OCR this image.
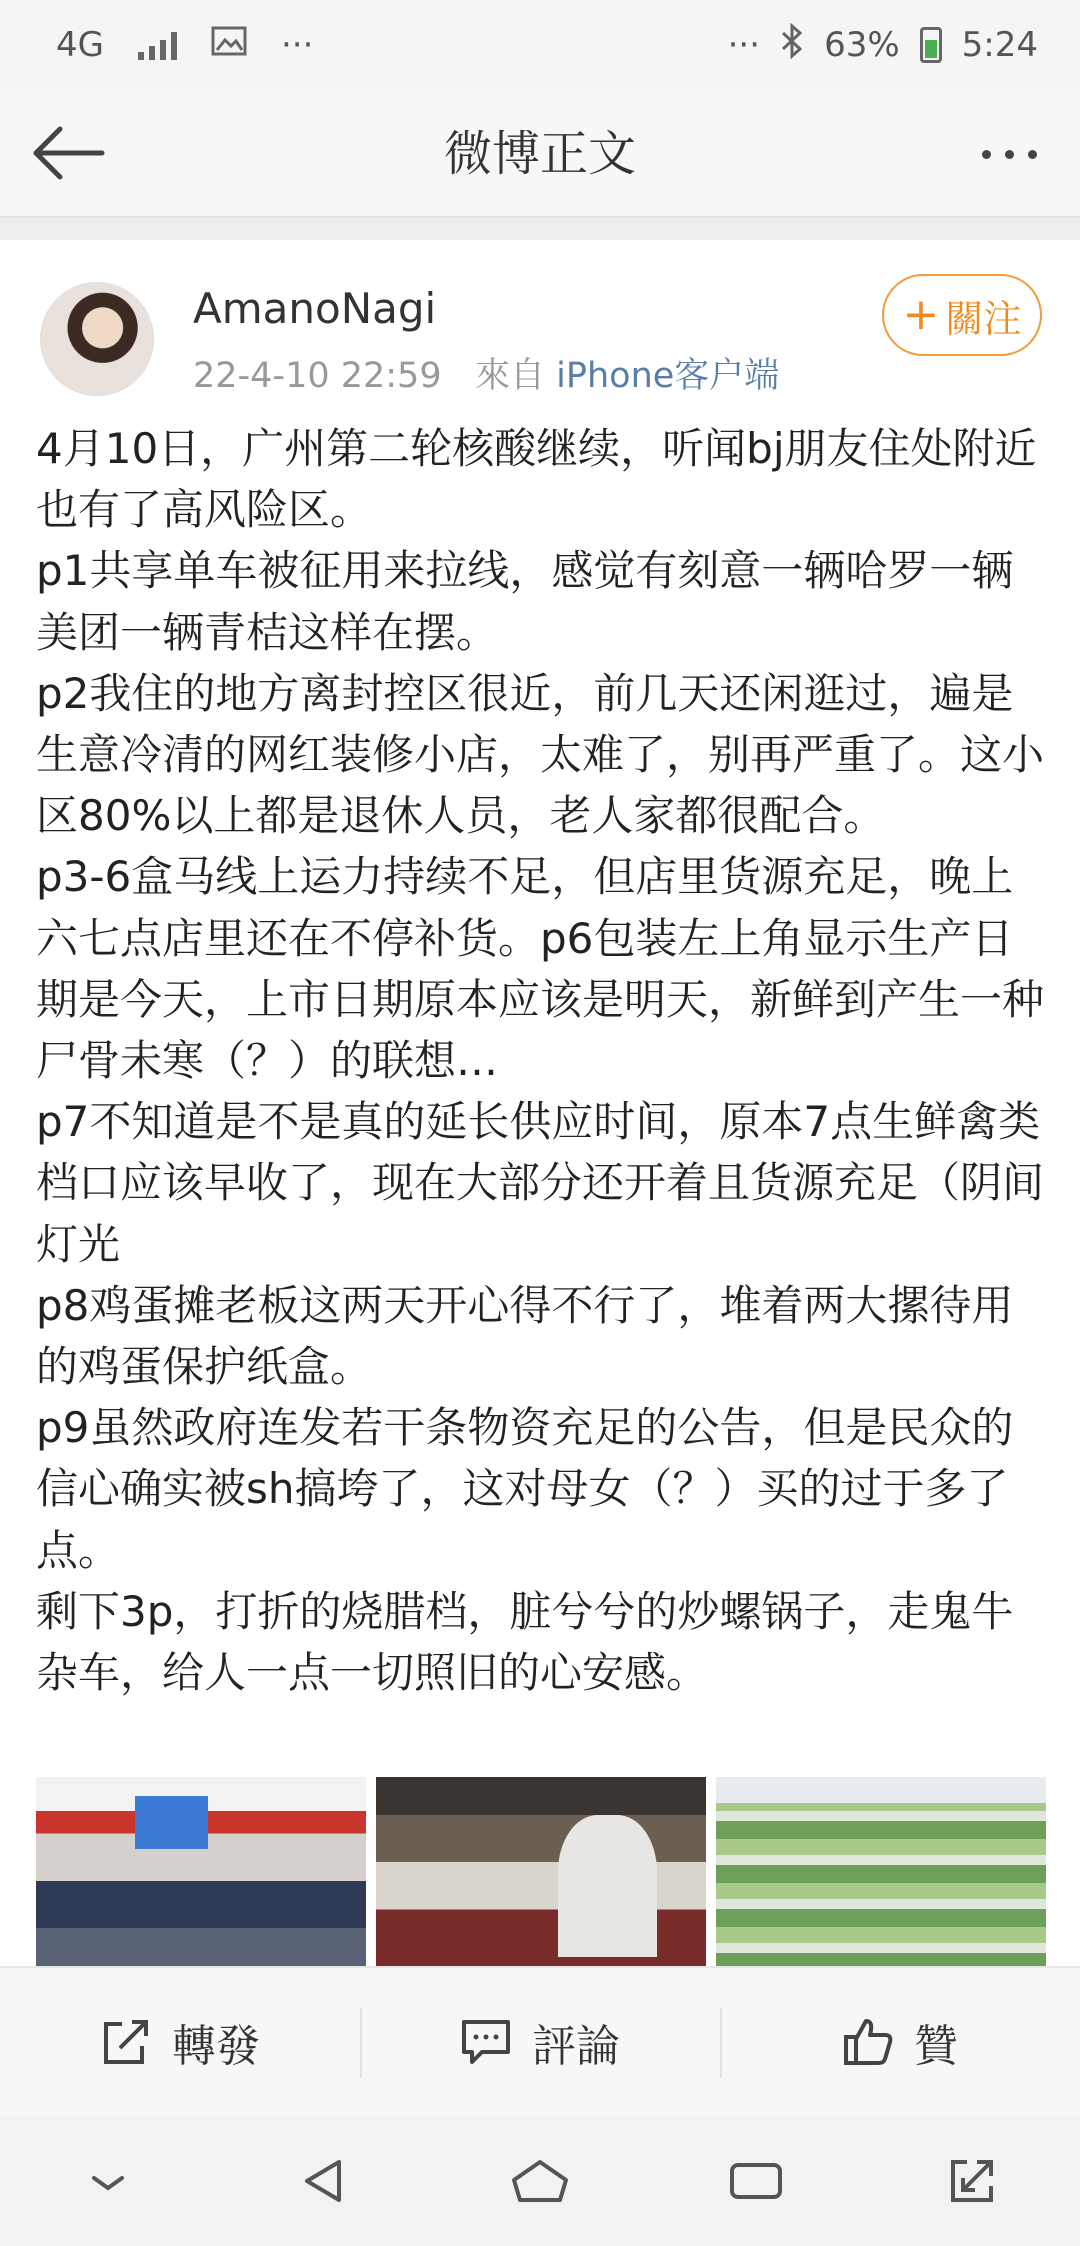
4G	···	··· 63% 5:24
微博正文
AmanoNagi
22-4-10 22:59 來自 iPhone客户端
+ 關注

4月10日，广州第二轮核酸继续，听闻bj朋友住处附近也有了高风险区。

p1共享单车被征用来拉线，感觉有刻意一辆哈罗一辆美团一辆青桔这样在摆。

p2我住的地方离封控区很近，前几天还闲逛过，遍是生意冷清的网红装修小店，太难了，别再严重了。这小区80%以上都是退休人员，老人家都很配合。

p3-6盒马线上运力持续不足，但店里货源充足，晚上六七点店里还在不停补货。p6包装左上角显示生产日期是今天，上市日期原本应该是明天，新鲜到产生一种尸骨未寒（？）的联想…

p7不知道是不是真的延长供应时间，原本7点生鲜禽类档口应该早收了，现在大部分还开着且货源充足（阴间灯光

p8鸡蛋摊老板这两天开心得不行了，堆着两大摞待用的鸡蛋保护纸盒。

p9虽然政府连发若干条物资充足的公告，但是民众的信心确实被sh搞垮了，这对母女（？）买的过于多了点。

剩下3p，打折的烧腊档，脏兮兮的炒螺锅子，走鬼牛杂车，给人一点一切照旧的心安感。

轉發	評論	贊
